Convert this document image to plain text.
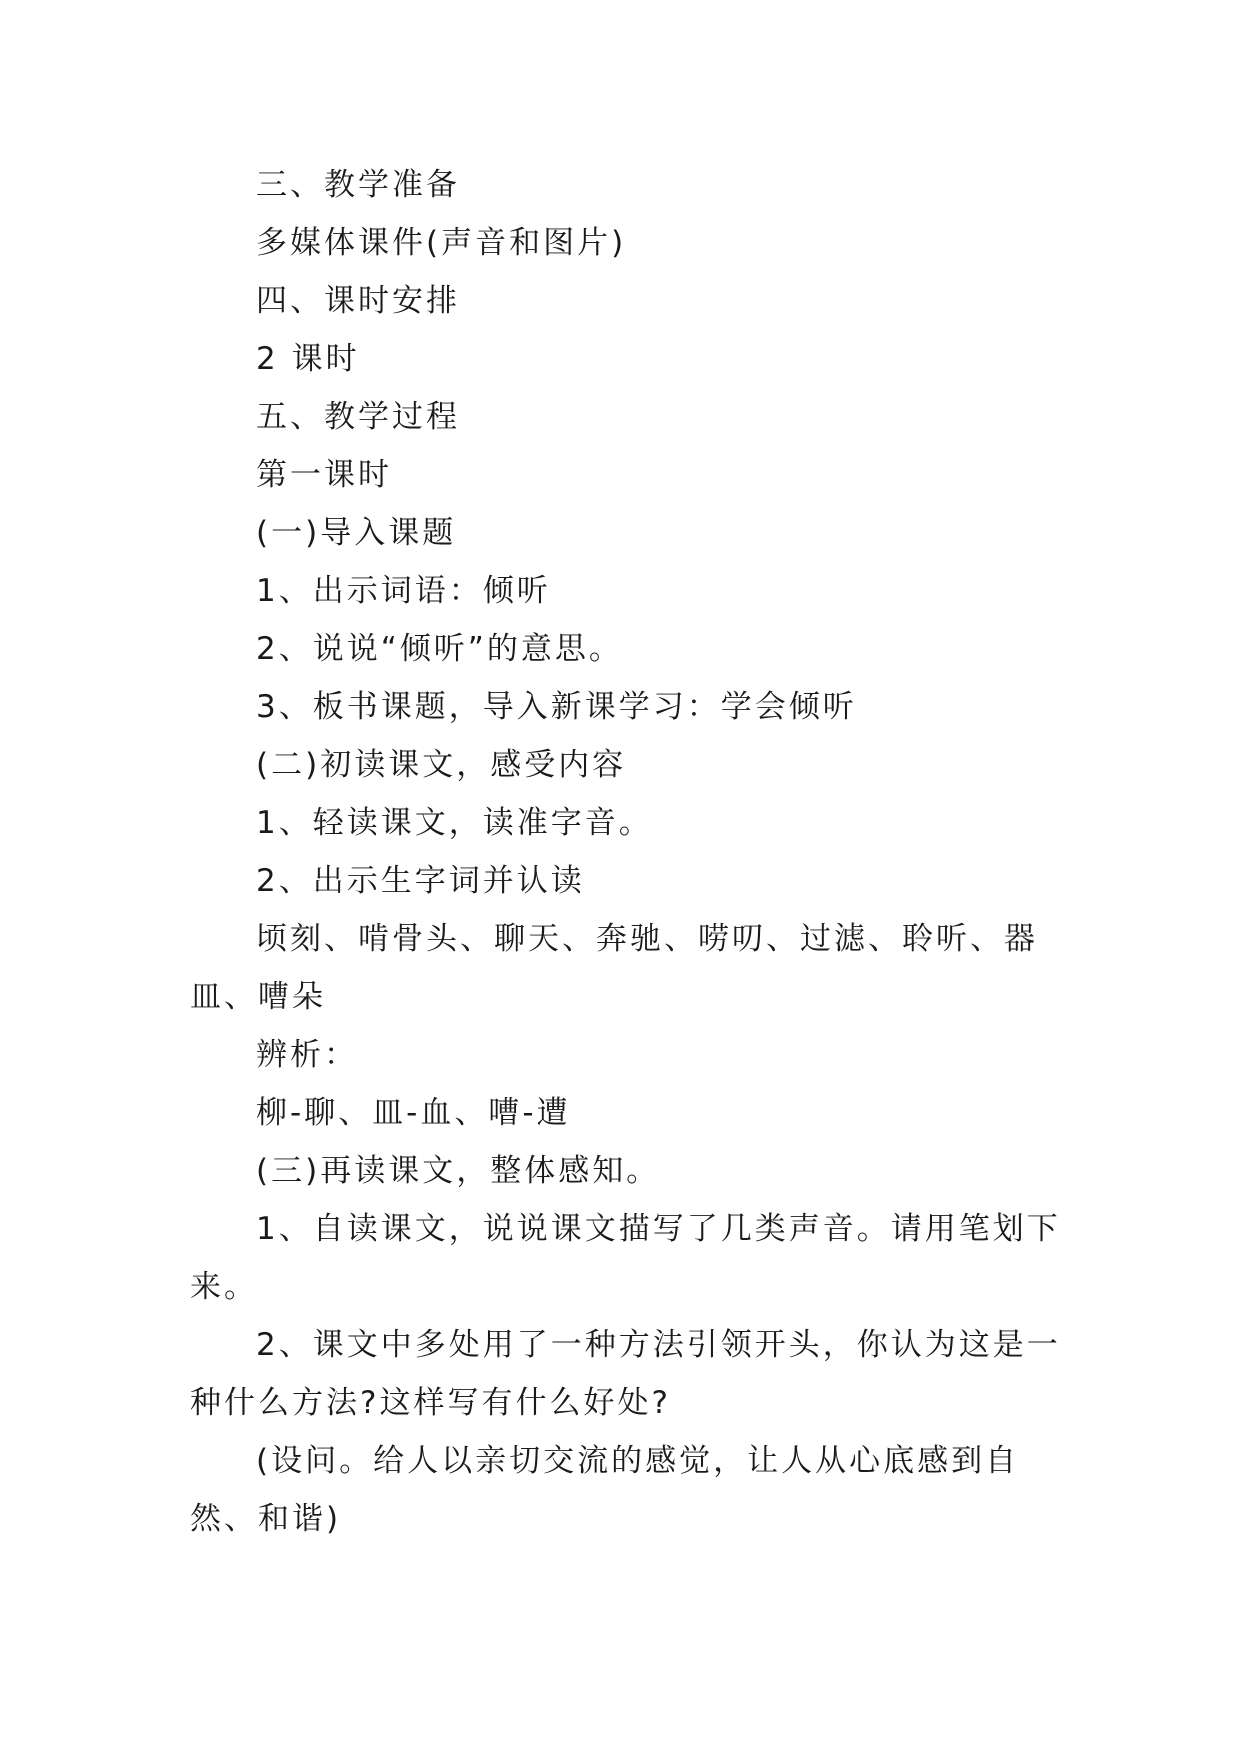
三、教学准备

多媒体课件(声音和图片)

四、课时安排

2 课时

五、教学过程

第一课时

(一)导入课题

1、出示词语：倾听

2、说说“倾听”的意思。

3、板书课题，导入新课学习：学会倾听

(二)初读课文，感受内容

1、轻读课文，读准字音。

2、出示生字词并认读

顷刻、啃骨头、聊天、奔驰、唠叨、过滤、聆听、器皿、嘈朵

辨析：

柳-聊、皿-血、嘈-遭

(三)再读课文，整体感知。

1、自读课文，说说课文描写了几类声音。请用笔划下来。

2、课文中多处用了一种方法引领开头，你认为这是一种什么方法?这样写有什么好处?

(设问。给人以亲切交流的感觉，让人从心底感到自然、和谐)
